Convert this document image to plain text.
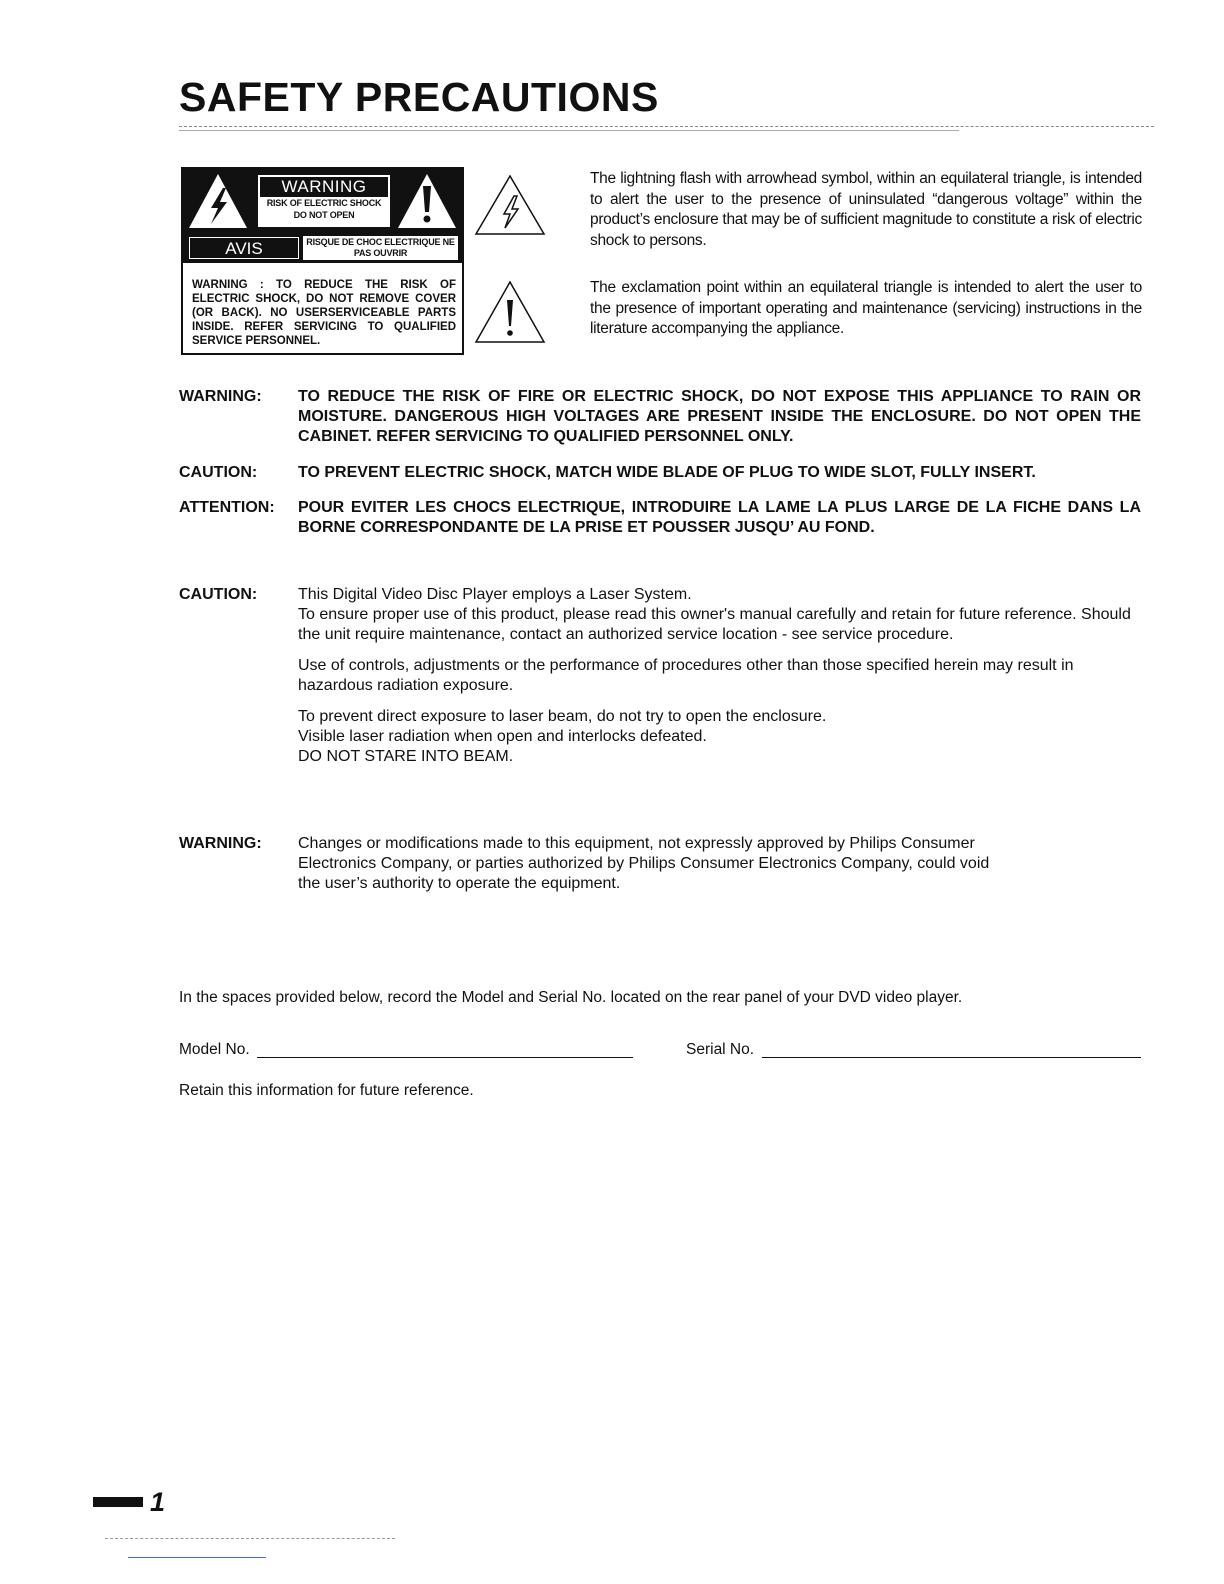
SAFETY PRECAUTIONS
WARNING
RISK OF ELECTRIC SHOCK
DO NOT OPEN
AVIS	RISQUE DE CHOC ELECTRIQUE NE
PAS OUVRIR
WARNING : TO REDUCE THE RISK OF ELECTRIC SHOCK, DO NOT REMOVE COVER (OR BACK). NO USERSERVICEABLE PARTS INSIDE. REFER SERVICING TO QUALIFIED SERVICE PERSONNEL.
The lightning flash with arrowhead symbol, within an equilateral triangle, is intended to alert the user to the presence of uninsulated “dangerous voltage” within the product’s enclosure that may be of sufficient magnitude to constitute a risk of electric shock to persons.
The exclamation point within an equilateral triangle is intended to alert the user to the presence of important operating and maintenance (servicing) instructions in the literature accompanying the appliance.
WARNING: TO REDUCE THE RISK OF FIRE OR ELECTRIC SHOCK, DO NOT EXPOSE THIS APPLIANCE TO RAIN OR MOISTURE. DANGEROUS HIGH VOLTAGES ARE PRESENT INSIDE THE ENCLOSURE. DO NOT OPEN THE CABINET. REFER SERVICING TO QUALIFIED PERSONNEL ONLY.
CAUTION:	TO PREVENT ELECTRIC SHOCK, MATCH WIDE BLADE OF PLUG TO WIDE SLOT, FULLY INSERT.
ATTENTION: POUR EVITER LES CHOCS ELECTRIQUE, INTRODUIRE LA LAME LA PLUS LARGE DE LA FICHE DANS LA BORNE CORRESPONDANTE DE LA PRISE ET POUSSER JUSQU’ AU FOND.
CAUTION:	This Digital Video Disc Player employs a Laser System.
To ensure proper use of this product, please read this owner's manual carefully and retain for future reference. Should the unit require maintenance, contact an authorized service location - see service procedure.

Use of controls, adjustments or the performance of procedures other than those specified herein may result in hazardous radiation exposure.

To prevent direct exposure to laser beam, do not try to open the enclosure.
Visible laser radiation when open and interlocks defeated.
DO NOT STARE INTO BEAM.

WARNING: Changes or modifications made to this equipment, not expressly approved by Philips Consumer
Electronics Company, or parties authorized by Philips Consumer Electronics Company, could void
the user’s authority to operate the equipment.
In the spaces provided below, record the Model and Serial No. located on the rear panel of your DVD video player.
Model No.	Serial No.
Retain this information for future reference.
1
